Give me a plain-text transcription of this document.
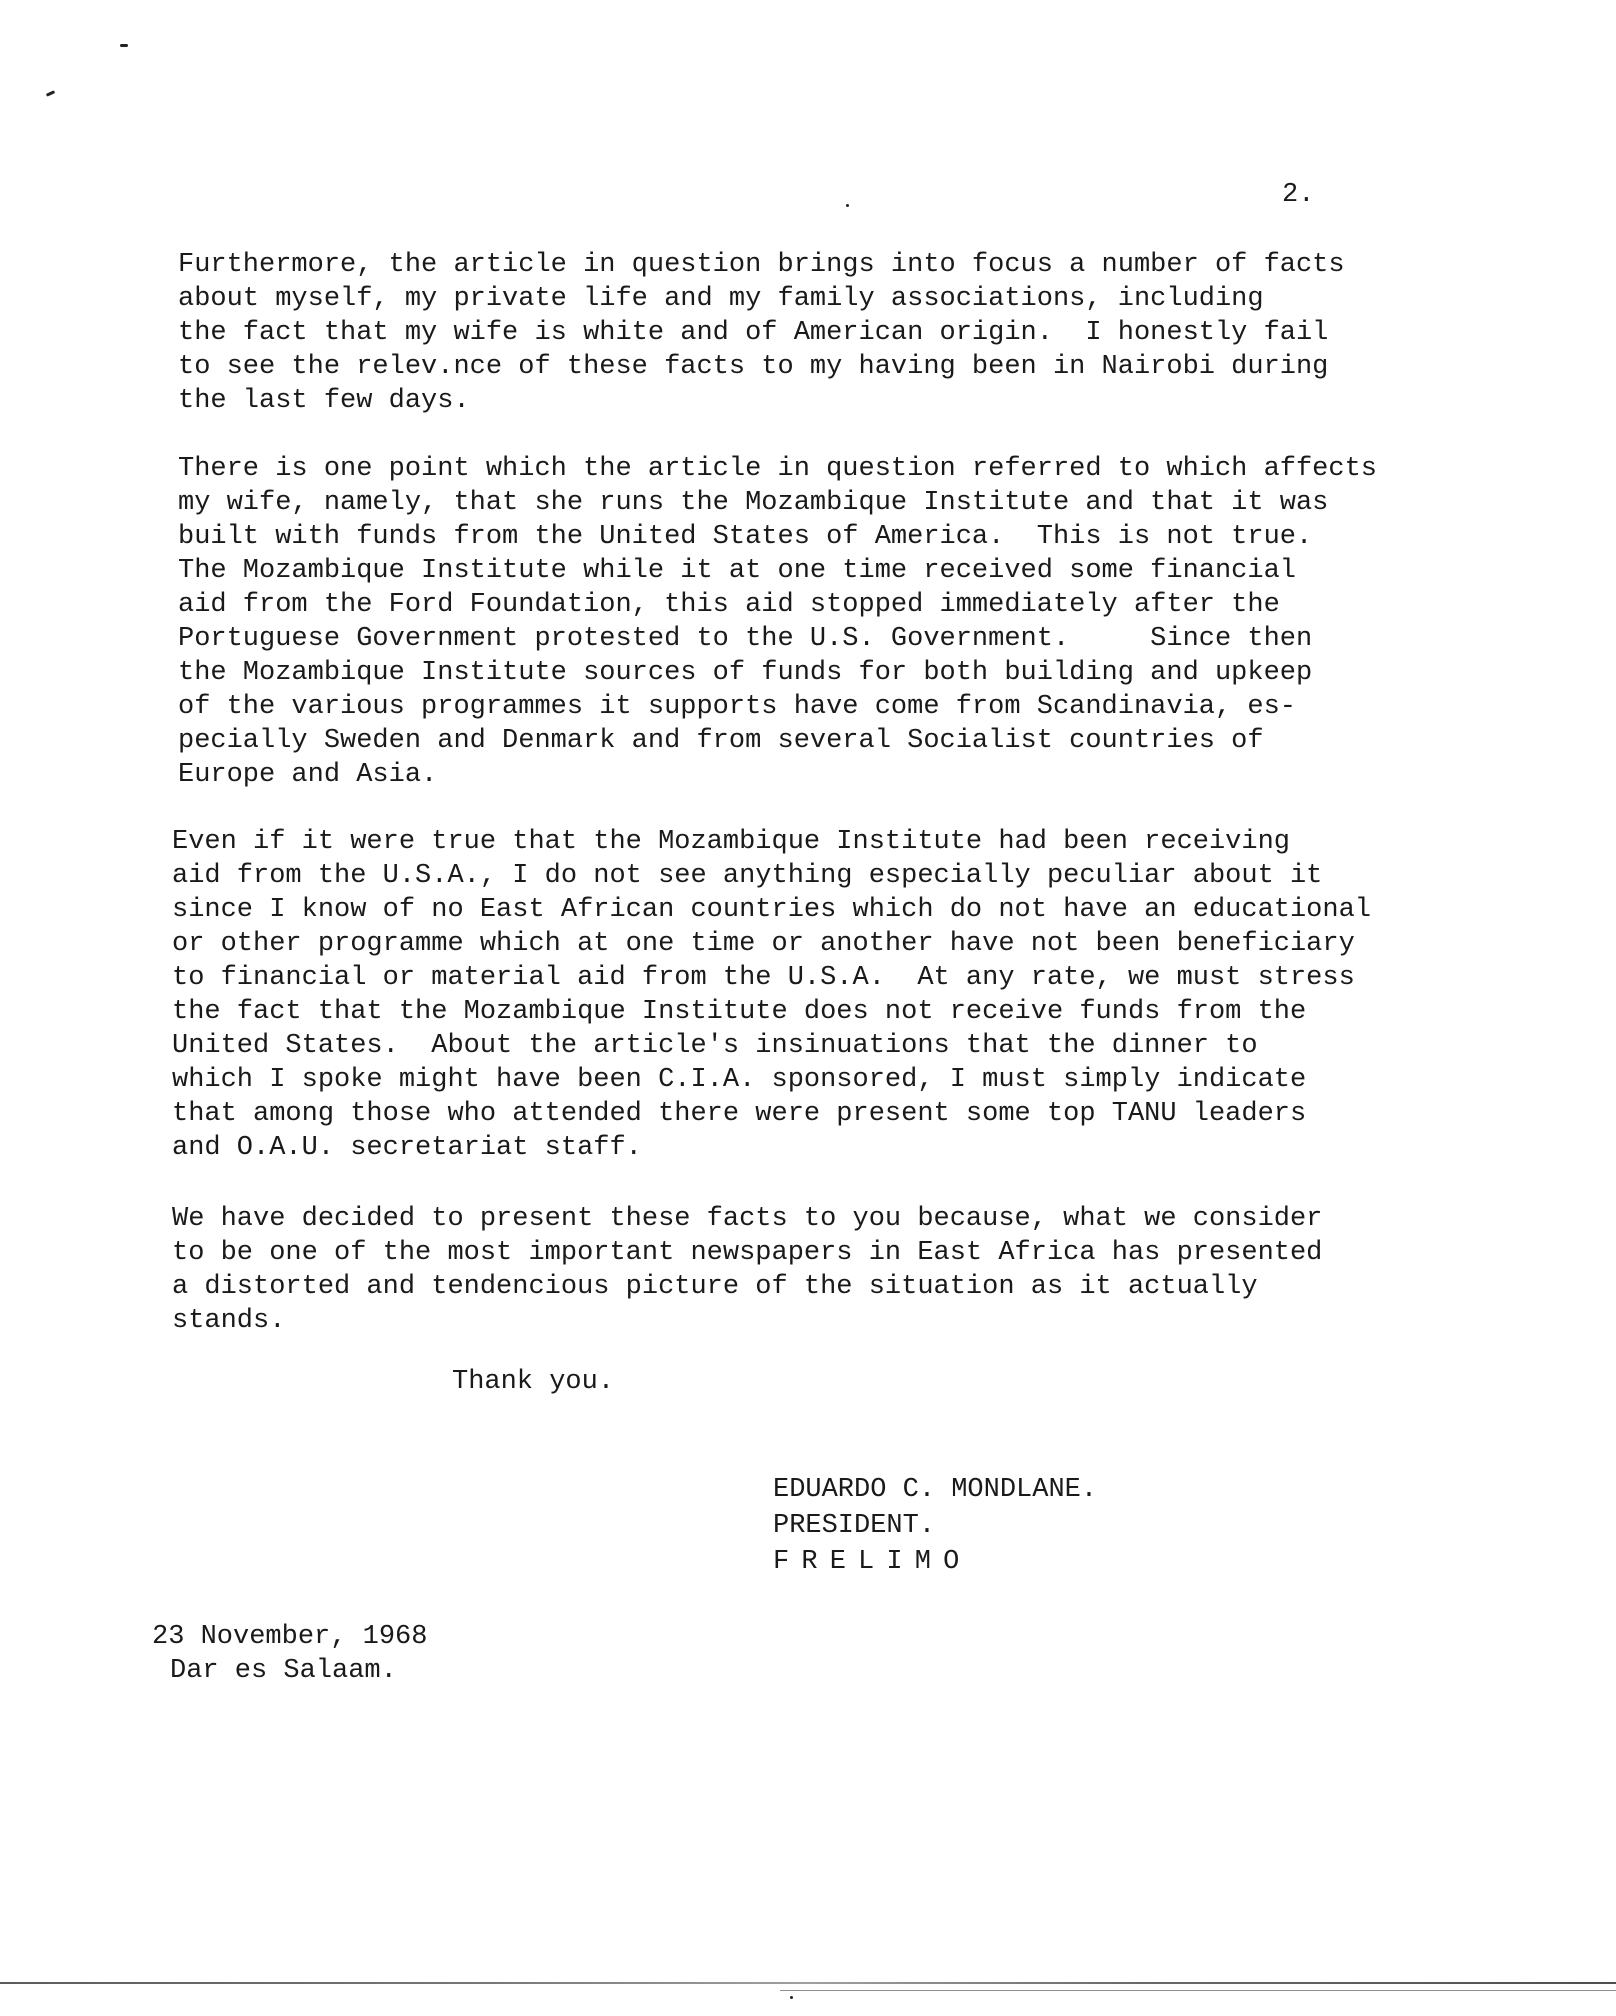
2.
Furthermore, the article in question brings into focus a number of facts
about myself, my private life and my family associations, including
the fact that my wife is white and of American origin.  I honestly fail
to see the relev.nce of these facts to my having been in Nairobi during
the last few days.
There is one point which the article in question referred to which affects
my wife, namely, that she runs the Mozambique Institute and that it was
built with funds from the United States of America.  This is not true.
The Mozambique Institute while it at one time received some financial
aid from the Ford Foundation, this aid stopped immediately after the
Portuguese Government protested to the U.S. Government.     Since then
the Mozambique Institute sources of funds for both building and upkeep
of the various programmes it supports have come from Scandinavia, es-
pecially Sweden and Denmark and from several Socialist countries of
Europe and Asia.
Even if it were true that the Mozambique Institute had been receiving
aid from the U.S.A., I do not see anything especially peculiar about it
since I know of no East African countries which do not have an educational
or other programme which at one time or another have not been beneficiary
to financial or material aid from the U.S.A.  At any rate, we must stress
the fact that the Mozambique Institute does not receive funds from the
United States.  About the article's insinuations that the dinner to
which I spoke might have been C.I.A. sponsored, I must simply indicate
that among those who attended there were present some top TANU leaders
and O.A.U. secretariat staff.
We have decided to present these facts to you because, what we consider
to be one of the most important newspapers in East Africa has presented
a distorted and tendencious picture of the situation as it actually
stands.
Thank you.
EDUARDO C. MONDLANE.
PRESIDENT.
FRELIMO
23 November, 1968
Dar es Salaam.
